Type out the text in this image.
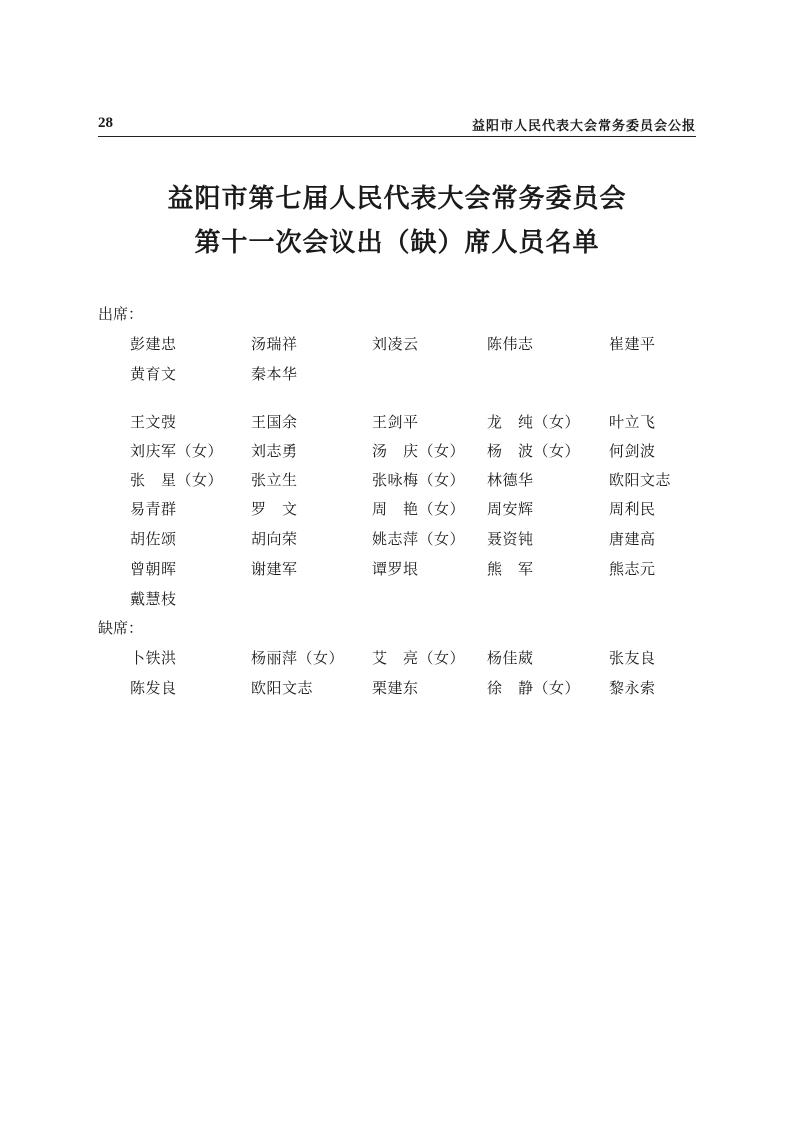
28	益阳市人民代表大会常务委员会公报
益阳市第七届人民代表大会常务委员会
第十一次会议出（缺）席人员名单
出席：
彭建忠	汤瑞祥	刘凌云	陈伟志	崔建平
黄育文	秦本华
王文弢	王国余	王剑平	龙　纯（女） 叶立飞
刘庆军（女） 刘志勇	汤　庆（女） 杨　波（女） 何剑波
张　星（女） 张立生	张咏梅（女） 林德华	欧阳文志
易青群	罗　文	周　艳（女） 周安辉	周利民
胡佐颂	胡向荣	姚志萍（女） 聂资钝	唐建高
曾朝晖	谢建军	谭罗垠	熊　军	熊志元
戴慧枝
缺席：
卜铁洪	杨丽萍（女） 艾　亮（女） 杨佳葳	张友良
陈发良	欧阳文志	栗建东	徐　静（女） 黎永索
